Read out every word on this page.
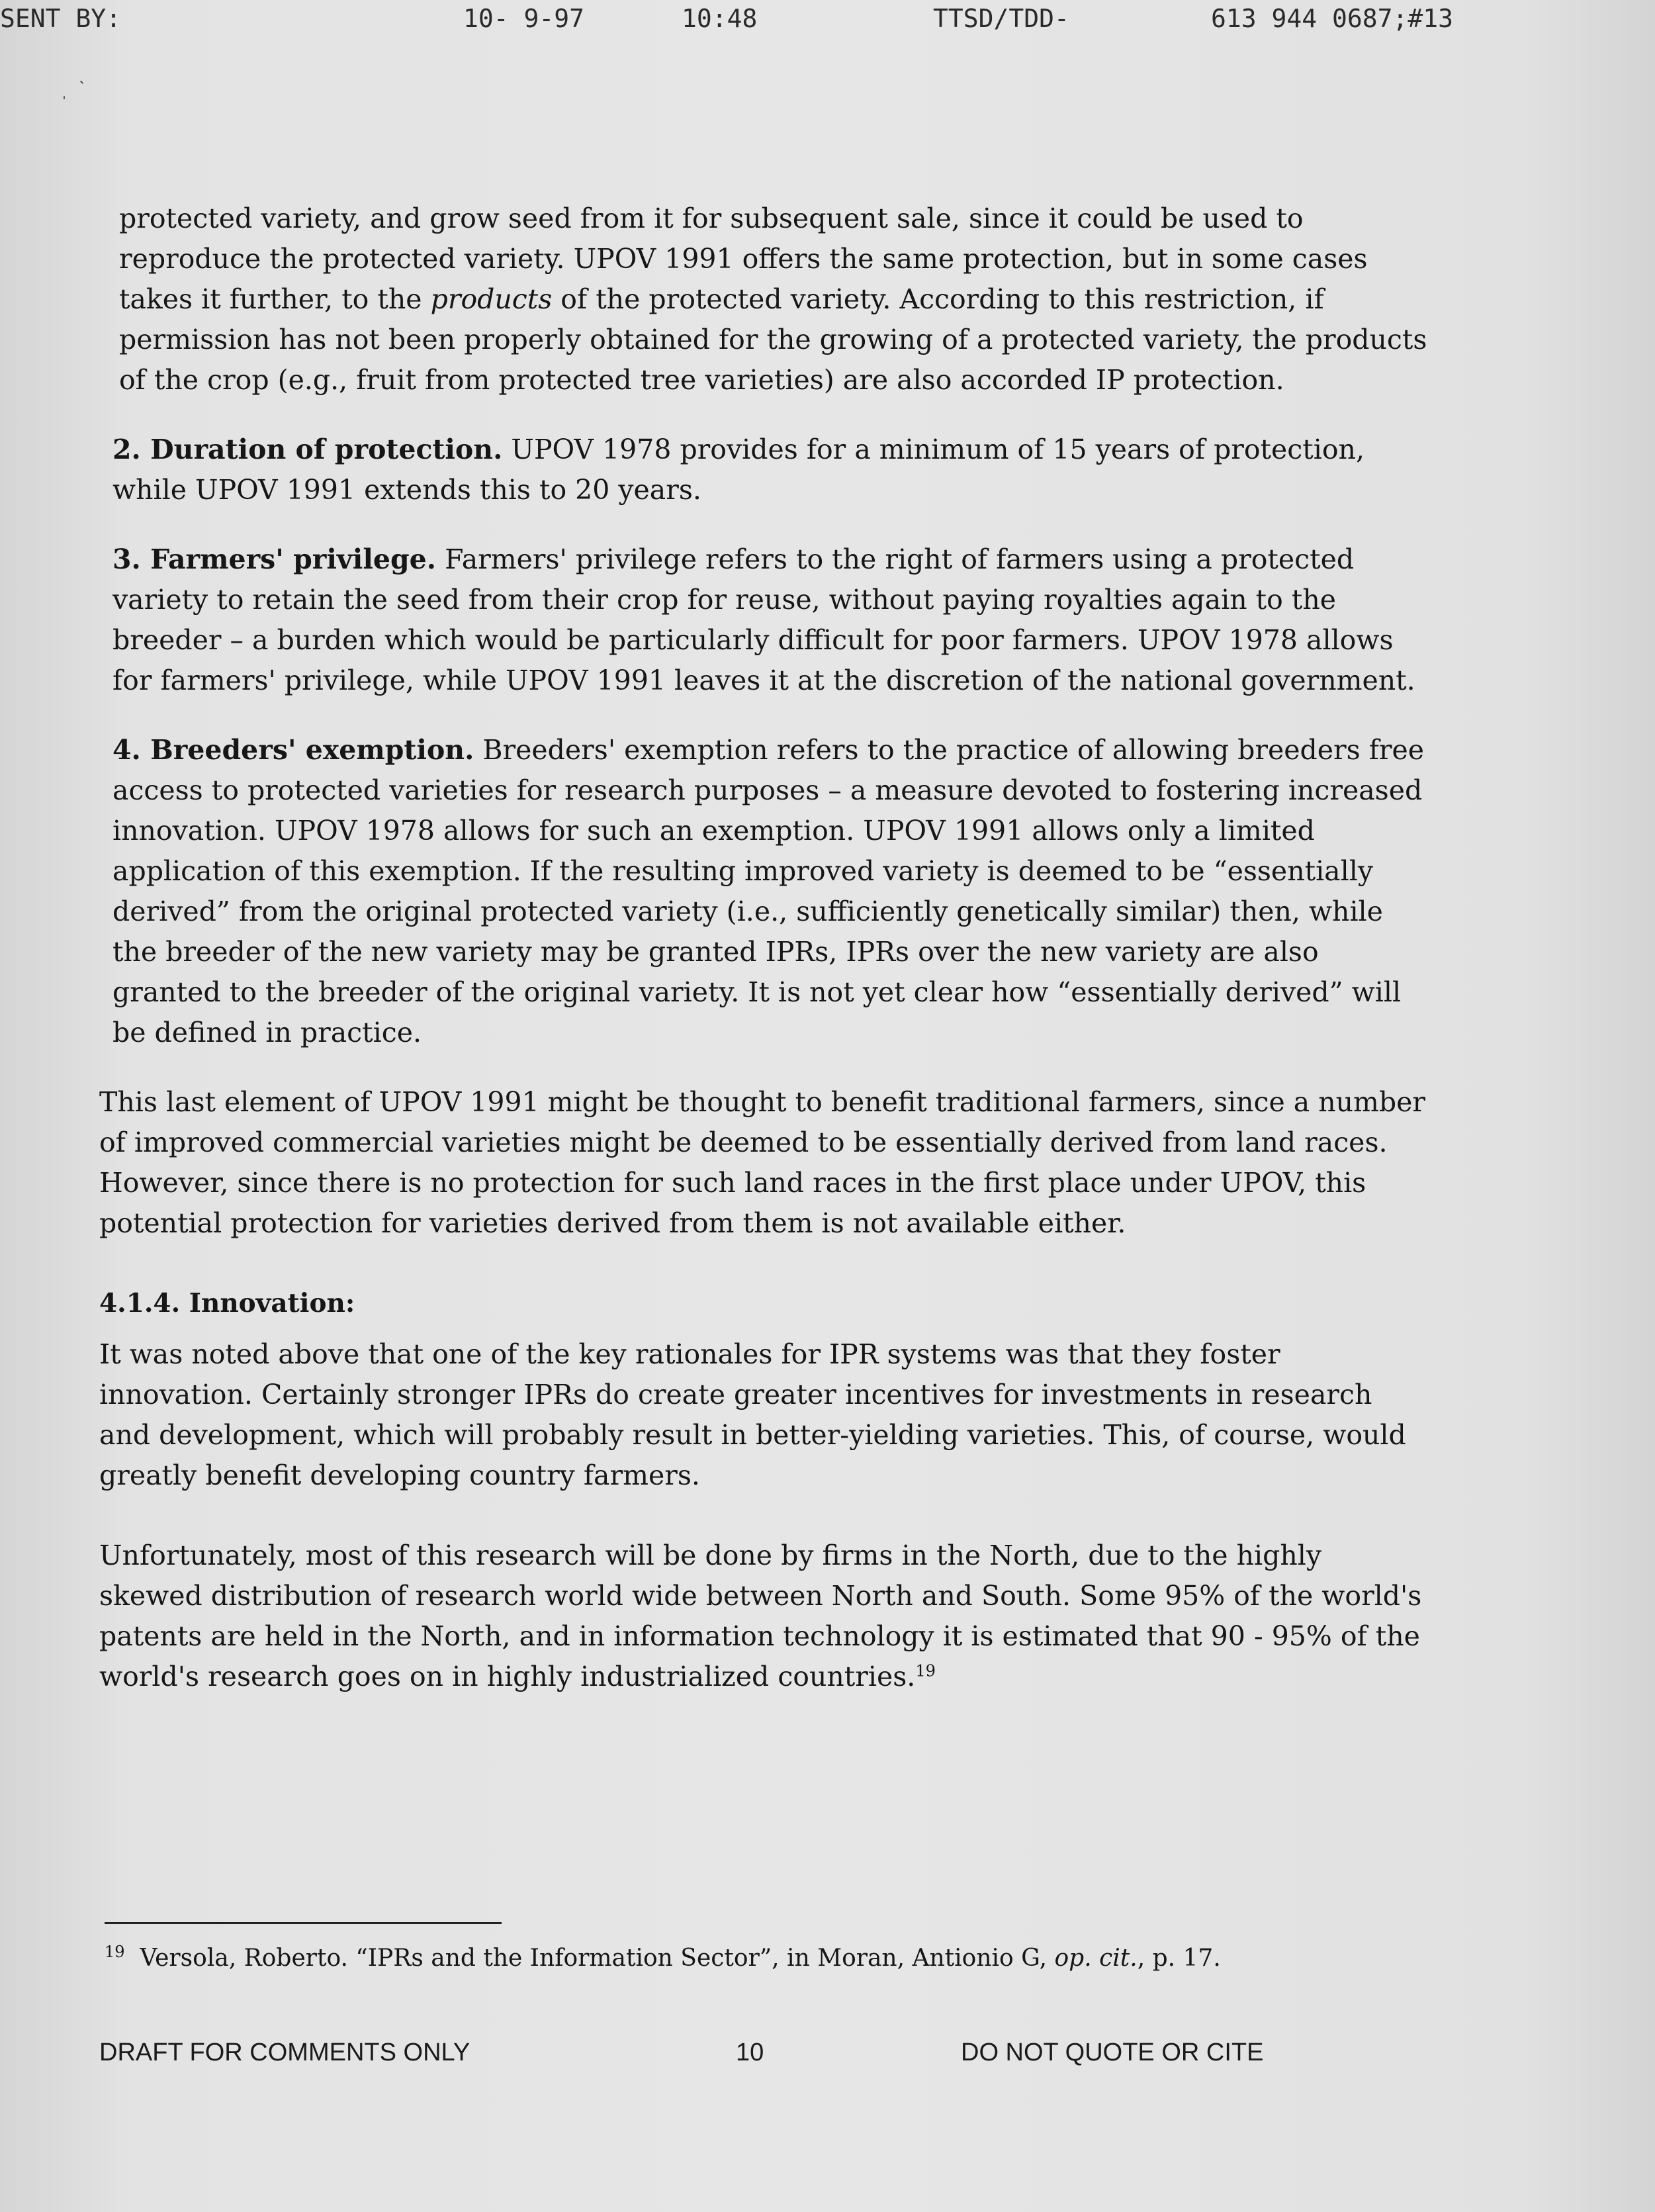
SENT BY:	10- 9-97	10:48	TTSD/TDD-	613 944 0687;#13
ˌ  ˋ

protected variety, and grow seed from it for subsequent sale, since it could be used to reproduce the protected variety. UPOV 1991 offers the same protection, but in some cases takes it further, to the products of the protected variety. According to this restriction, if permission has not been properly obtained for the growing of a protected variety, the products of the crop (e.g., fruit from protected tree varieties) are also accorded IP protection.

2. Duration of protection. UPOV 1978 provides for a minimum of 15 years of protection, while UPOV 1991 extends this to 20 years.

3. Farmers' privilege. Farmers' privilege refers to the right of farmers using a protected variety to retain the seed from their crop for reuse, without paying royalties again to the breeder – a burden which would be particularly difficult for poor farmers. UPOV 1978 allows for farmers' privilege, while UPOV 1991 leaves it at the discretion of the national government.

4. Breeders' exemption. Breeders' exemption refers to the practice of allowing breeders free access to protected varieties for research purposes – a measure devoted to fostering increased innovation. UPOV 1978 allows for such an exemption. UPOV 1991 allows only a limited application of this exemption. If the resulting improved variety is deemed to be “essentially derived” from the original protected variety (i.e., sufficiently genetically similar) then, while the breeder of the new variety may be granted IPRs, IPRs over the new variety are also granted to the breeder of the original variety. It is not yet clear how “essentially derived” will be defined in practice.

This last element of UPOV 1991 might be thought to benefit traditional farmers, since a number of improved commercial varieties might be deemed to be essentially derived from land races. However, since there is no protection for such land races in the first place under UPOV, this potential protection for varieties derived from them is not available either.

4.1.4. Innovation:

It was noted above that one of the key rationales for IPR systems was that they foster innovation. Certainly stronger IPRs do create greater incentives for investments in research and development, which will probably result in better-yielding varieties. This, of course, would greatly benefit developing country farmers.

Unfortunately, most of this research will be done by firms in the North, due to the highly skewed distribution of research world wide between North and South. Some 95% of the world's patents are held in the North, and in information technology it is estimated that 90 - 95% of the world's research goes on in highly industrialized countries.$^{19}$

$^{19}$ Versola, Roberto. “IPRs and the Information Sector”, in Moran, Antionio G, op. cit., p. 17.
DRAFT FOR COMMENTS ONLY	10	DO NOT QUOTE OR CITE
